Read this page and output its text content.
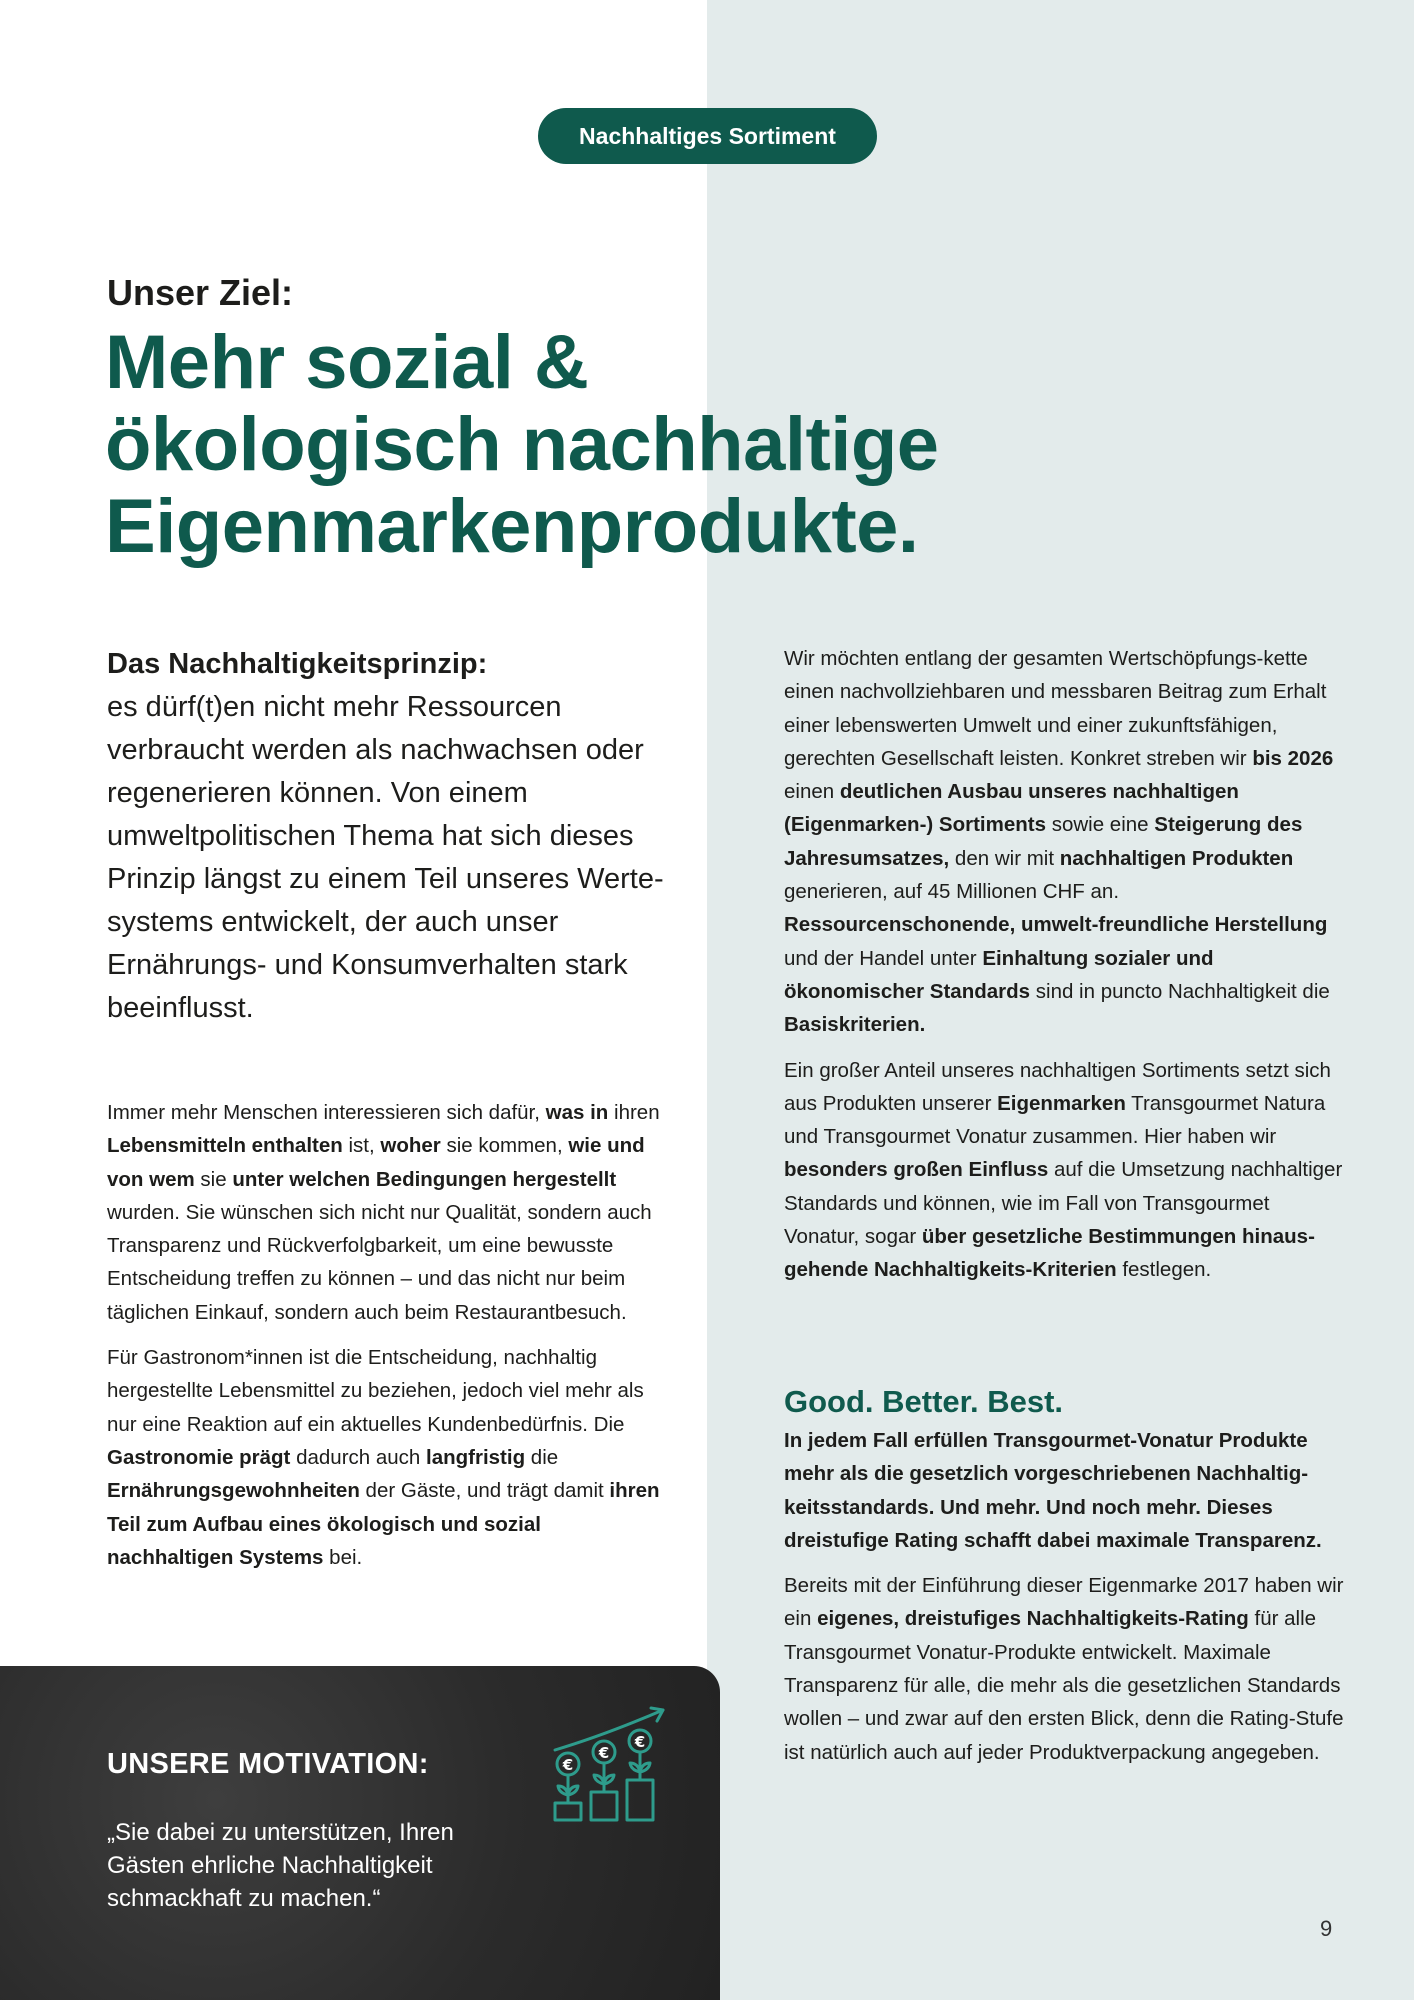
Nachhaltiges Sortiment
Unser Ziel:
Mehr sozial &
ökologisch nachhaltige
Eigenmarkenprodukte.
Das Nachhaltigkeitsprinzip:
es dürf(t)en nicht mehr Ressourcen verbraucht werden als nachwachsen oder regenerieren können. Von einem umweltpolitischen Thema hat sich dieses Prinzip längst zu einem Teil unseres Werte-systems entwickelt, der auch unser Ernährungs- und Konsumverhalten stark beeinflusst.

Immer mehr Menschen interessieren sich dafür, was in ihren Lebensmitteln enthalten ist, woher sie kommen, wie und von wem sie unter welchen Bedingungen hergestellt wurden. Sie wünschen sich nicht nur Qualität, sondern auch Transparenz und Rückverfolgbarkeit, um eine bewusste Entscheidung treffen zu können – und das nicht nur beim täglichen Einkauf, sondern auch beim Restaurantbesuch.

Für Gastronom*innen ist die Entscheidung, nachhaltig hergestellte Lebensmittel zu beziehen, jedoch viel mehr als nur eine Reaktion auf ein aktuelles Kundenbedürfnis. Die Gastronomie prägt dadurch auch langfristig die Ernährungsgewohnheiten der Gäste, und trägt damit ihren Teil zum Aufbau eines ökologisch und sozial nachhaltigen Systems bei.

Wir möchten entlang der gesamten Wertschöpfungs-kette einen nachvollziehbaren und messbaren Beitrag zum Erhalt einer lebenswerten Umwelt und einer zukunftsfähigen, gerechten Gesellschaft leisten. Konkret streben wir bis 2026 einen deutlichen Ausbau unseres nachhaltigen (Eigenmarken-) Sortiments sowie eine Steigerung des Jahresumsatzes, den wir mit nachhaltigen Produkten generieren, auf 45 Millionen CHF an. Ressourcenschonende, umwelt-freundliche Herstellung und der Handel unter Einhaltung sozialer und ökonomischer Standards sind in puncto Nachhaltigkeit die Basiskriterien.

Ein großer Anteil unseres nachhaltigen Sortiments setzt sich aus Produkten unserer Eigenmarken Transgourmet Natura und Transgourmet Vonatur zusammen. Hier haben wir besonders großen Einfluss auf die Umsetzung nachhaltiger Standards und können, wie im Fall von Transgourmet Vonatur, sogar über gesetzliche Bestimmungen hinaus-gehende Nachhaltigkeits-Kriterien festlegen.

Good. Better. Best.

In jedem Fall erfüllen Transgourmet-Vonatur Produkte mehr als die gesetzlich vorgeschriebenen Nachhaltig-keitsstandards. Und mehr. Und noch mehr. Dieses dreistufige Rating schafft dabei maximale Transparenz.

Bereits mit der Einführung dieser Eigenmarke 2017 haben wir ein eigenes, dreistufiges Nachhaltigkeits-Rating für alle Transgourmet Vonatur-Produkte entwickelt. Maximale Transparenz für alle, die mehr als die gesetzlichen Standards wollen – und zwar auf den ersten Blick, denn die Rating-Stufe ist natürlich auch auf jeder Produktverpackung angegeben.

UNSERE MOTIVATION:
„Sie dabei zu unterstützen, Ihren Gästen ehrliche Nachhaltigkeit schmackhaft zu machen.“
€
€
€
9
